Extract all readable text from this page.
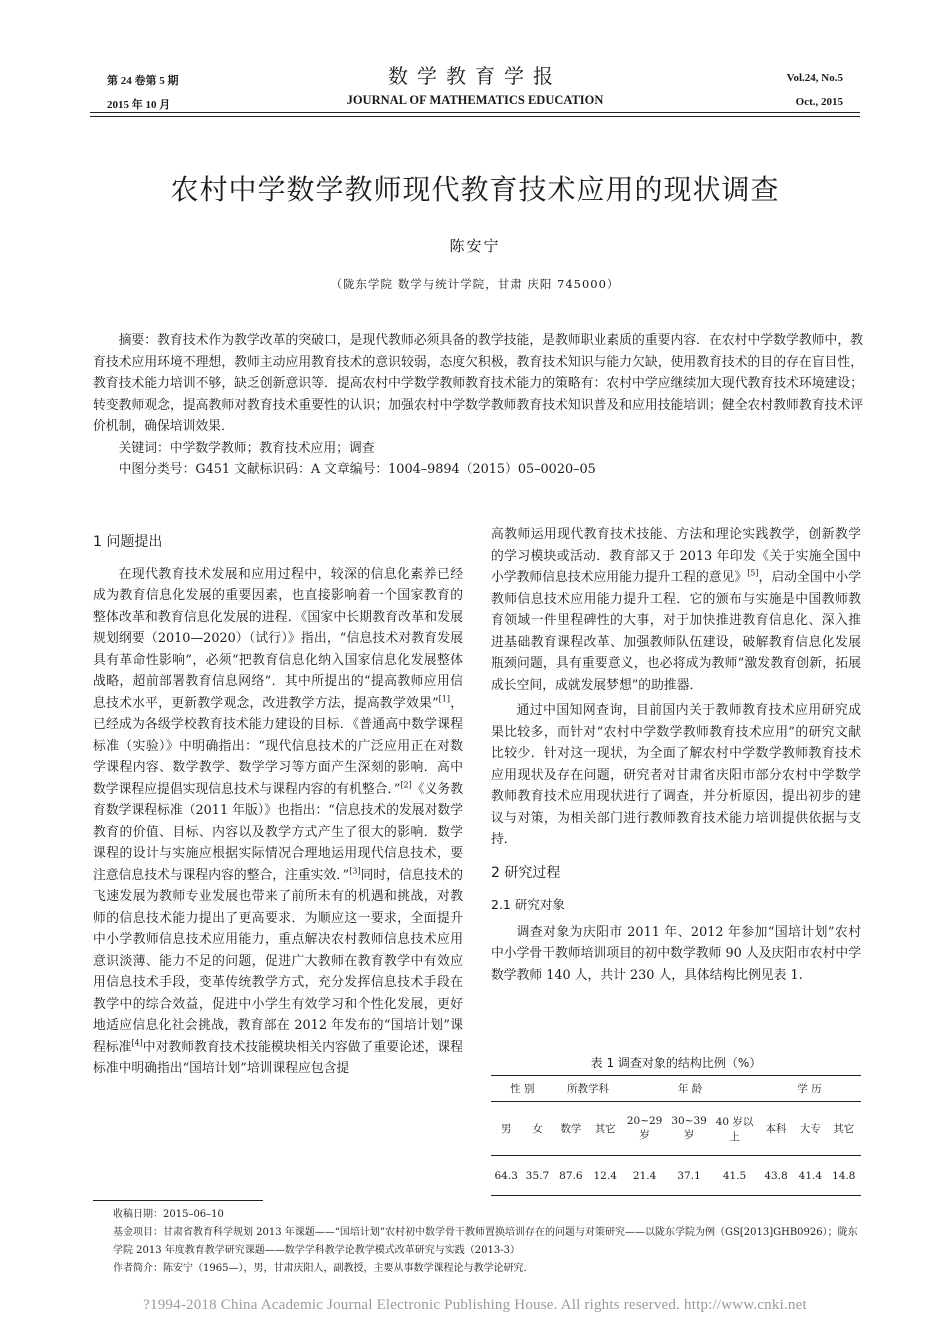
第 24 卷第 5 期
2015 年 10 月
数学教育学报
JOURNAL OF MATHEMATICS EDUCATION
Vol.24, No.5
Oct., 2015
农村中学数学教师现代教育技术应用的现状调查
陈安宁
（陇东学院 数学与统计学院，甘肃 庆阳 745000）

摘要：教育技术作为教学改革的突破口，是现代教师必须具备的教学技能，是教师职业素质的重要内容．在农村中学数学教师中，教育技术应用环境不理想，教师主动应用教育技术的意识较弱，态度欠积极，教育技术知识与能力欠缺，使用教育技术的目的存在盲目性，教育技术能力培训不够，缺乏创新意识等．提高农村中学数学教师教育技术能力的策略有：农村中学应继续加大现代教育技术环境建设；转变教师观念，提高教师对教育技术重要性的认识；加强农村中学数学教师教育技术知识普及和应用技能培训；健全农村教师教育技术评价机制，确保培训效果．

关键词：中学数学教师；教育技术应用；调查

中图分类号：G451 文献标识码：A 文章编号：1004–9894（2015）05–0020–05

1 问题提出

在现代教育技术发展和应用过程中，较深的信息化素养已经成为教育信息化发展的重要因素，也直接影响着一个国家教育的整体改革和教育信息化发展的进程．《国家中长期教育改革和发展规划纲要（2010—2020）（试行）》指出，“信息技术对教育发展具有革命性影响”，必须“把教育信息化纳入国家信息化发展整体战略，超前部署教育信息网络”．其中所提出的“提高教师应用信息技术水平，更新教学观念，改进教学方法，提高教学效果”[1]，已经成为各级学校教育技术能力建设的目标．《普通高中数学课程标准（实验）》中明确指出：“现代信息技术的广泛应用正在对数学课程内容、数学教学、数学学习等方面产生深刻的影响．高中数学课程应提倡实现信息技术与课程内容的有机整合．”[2]《义务教育数学课程标准（2011 年版）》也指出：“信息技术的发展对数学教育的价值、目标、内容以及教学方式产生了很大的影响．数学课程的设计与实施应根据实际情况合理地运用现代信息技术，要注意信息技术与课程内容的整合，注重实效．”[3]同时，信息技术的飞速发展为教师专业发展也带来了前所未有的机遇和挑战，对教师的信息技术能力提出了更高要求．为顺应这一要求，全面提升中小学教师信息技术应用能力，重点解决农村教师信息技术应用意识淡薄、能力不足的问题，促进广大教师在教育教学中有效应用信息技术手段，变革传统教学方式，充分发挥信息技术手段在教学中的综合效益，促进中小学生有效学习和个性化发展，更好地适应信息化社会挑战，教育部在 2012 年发布的“国培计划”课程标准[4]中对教师教育技术技能模块相关内容做了重要论述，课程标准中明确指出“国培计划”培训课程应包含提

高教师运用现代教育技术技能、方法和理论实践教学，创新教学的学习模块或活动．教育部又于 2013 年印发《关于实施全国中小学教师信息技术应用能力提升工程的意见》[5]，启动全国中小学教师信息技术应用能力提升工程．它的颁布与实施是中国教师教育领域一件里程碑性的大事，对于加快推进教育信息化、深入推进基础教育课程改革、加强教师队伍建设，破解教育信息化发展瓶颈问题，具有重要意义，也必将成为教师“激发教育创新，拓展成长空间，成就发展梦想”的助推器．

通过中国知网查询，目前国内关于教师教育技术应用研究成果比较多，而针对“农村中学数学教师教育技术应用”的研究文献比较少．针对这一现状，为全面了解农村中学数学教师教育技术应用现状及存在问题，研究者对甘肃省庆阳市部分农村中学数学教师教育技术应用现状进行了调查，并分析原因，提出初步的建议与对策，为相关部门进行教师教育技术能力培训提供依据与支持．

2 研究过程

2.1 研究对象

调查对象为庆阳市 2011 年、2012 年参加“国培计划”农村中小学骨干教师培训项目的初中数学教师 90 人及庆阳市农村中学数学教师 140 人，共计 230 人，具体结构比例见表 1.

表 1 调查对象的结构比例（%）
性 别		所教学科		年 龄			学 历		
男	女	数学	其它	20~29岁	30~39岁	40 岁以上	本科	大专	其它
64.3	35.7	87.6	12.4	21.4	37.1	41.5	43.8	41.4	14.8

收稿日期：2015–06–10

基金项目：甘肃省教育科学规划 2013 年课题——“国培计划”农村初中数学骨干教师置换培训存在的问题与对策研究——以陇东学院为例（GS[2013]GHB0926）；陇东学院 2013 年度教育教学研究课题——数学学科教学论教学模式改革研究与实践（2013-3）

作者简介：陈安宁（1965—），男，甘肃庆阳人，副教授，主要从事数学课程论与教学论研究．

?1994-2018 China Academic Journal Electronic Publishing House. All rights reserved. http://www.cnki.net
